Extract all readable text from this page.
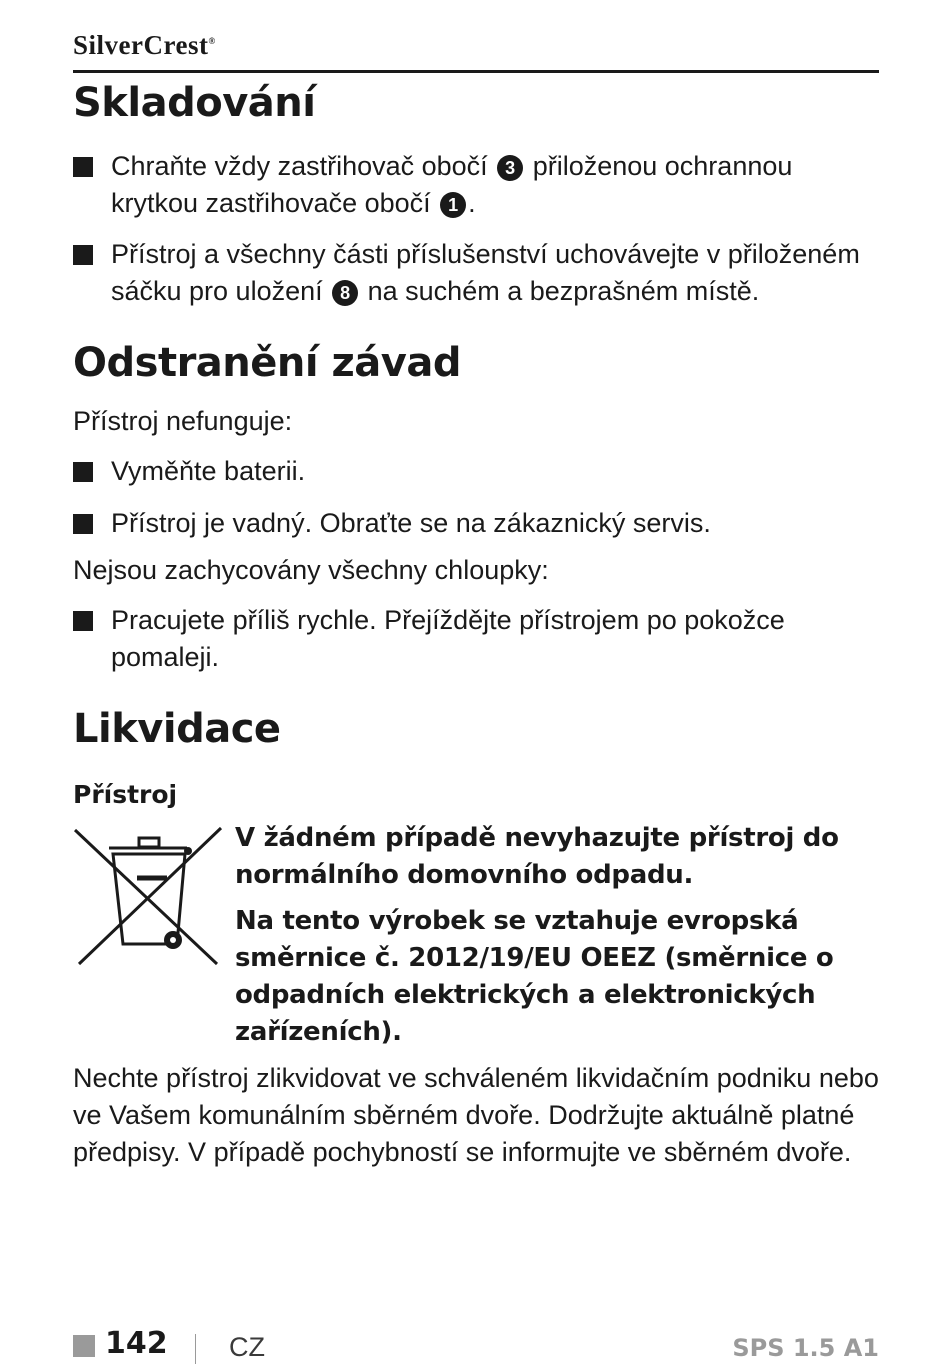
SilverCrest®
Skladování
Chraňte vždy zastřihovač obočí 3 přiloženou ochrannou
krytkou zastřihovače obočí 1 .
Přístroj a všechny části příslušenství uchovávejte v přiloženém
sáčku pro uložení 8 na suchém a bezprašném místě.
Odstranění závad
Přístroj nefunguje:
Vyměňte baterii.
Přístroj je vadný. Obraťte se na zákaznický servis.
Nejsou zachycovány všechny chloupky:
Pracujete příliš rychle. Přejíždějte přístrojem po pokožce
pomaleji.
Likvidace
Přístroj
V žádném případě nevyhazujte přístroj do
normálního domovního odpadu.
Na tento výrobek se vztahuje evropská
směrnice č. 2012/19/EU OEEZ (směrnice o
odpadních elektrických a elektronických
zařízeních).
Nechte přístroj zlikvidovat ve schváleném likvidačním podniku nebo
ve Vašem komunálním sběrném dvoře. Dodržujte aktuálně platné
předpisy. V případě pochybností se informujte ve sběrném dvoře.
142 CZ	SPS 1.5 A1
